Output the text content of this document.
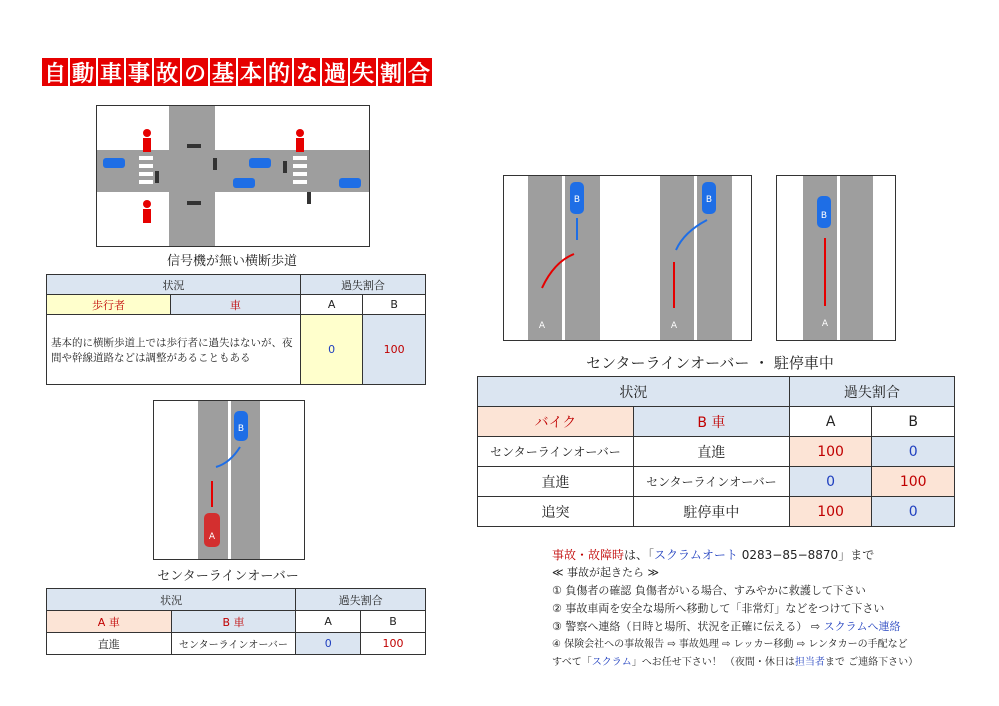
自 動 車 事 故 の 基 本 的 な 過 失 割 合
信号機が無い横断歩道
状況		過失割合	
歩行者	車	A	B
基本的に横断歩道上では歩行者に過失はないが、夜間や幹線道路などは調整があることもある		0	100
B
A
センターラインオーバー
状況		過失割合	
A 車	B 車	A	B
直進	センターラインオーバー	0	100
B
A
B
A
B
A
センターラインオーバー ・ 駐停車中
状況		過失割合	
バイク	B 車	A	B
センターラインオーバー	直進	100	0
直進	センターラインオーバー	0	100
追突	駐停車中	100	0
事故・故障時は、「スクラムオート 0283−85−8870」まで
≪ 事故が起きたら ≫
① 負傷者の確認 負傷者がいる場合、すみやかに救護して下さい
② 事故車両を安全な場所へ移動して「非常灯」などをつけて下さい
③ 警察へ連絡（日時と場所、状況を正確に伝える） ⇨ スクラムへ連絡
④ 保険会社への事故報告 ⇨ 事故処理 ⇨ レッカー移動 ⇨ レンタカーの手配など
すべて「スクラム」へお任せ下さい！ （夜間・休日は担当者まで ご連絡下さい）
